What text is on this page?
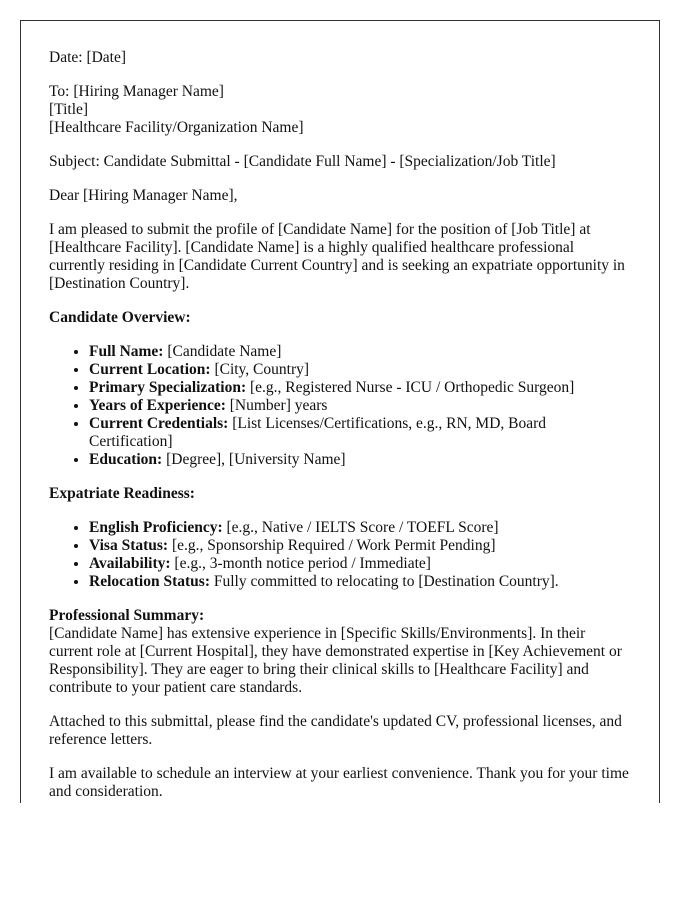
Date: [Date]

To: [Hiring Manager Name]

[Title]

[Healthcare Facility/Organization Name]

Subject: Candidate Submittal - [Candidate Full Name] - [Specialization/Job Title]

Dear [Hiring Manager Name],

I am pleased to submit the profile of [Candidate Name] for the position of [Job Title] at [Healthcare Facility]. [Candidate Name] is a highly qualified healthcare professional currently residing in [Candidate Current Country] and is seeking an expatriate opportunity in [Destination Country].

Candidate Overview:

• Full Name: [Candidate Name]
• Current Location: [City, Country]
• Primary Specialization: [e.g., Registered Nurse - ICU / Orthopedic Surgeon]
• Years of Experience: [Number] years
• Current Credentials: [List Licenses/Certifications, e.g., RN, MD, Board Certification]
• Education: [Degree], [University Name]

Expatriate Readiness:

• English Proficiency: [e.g., Native / IELTS Score / TOEFL Score]
• Visa Status: [e.g., Sponsorship Required / Work Permit Pending]
• Availability: [e.g., 3-month notice period / Immediate]
• Relocation Status: Fully committed to relocating to [Destination Country].

Professional Summary:

[Candidate Name] has extensive experience in [Specific Skills/Environments]. In their current role at [Current Hospital], they have demonstrated expertise in [Key Achievement or Responsibility]. They are eager to bring their clinical skills to [Healthcare Facility] and contribute to your patient care standards.

Attached to this submittal, please find the candidate's updated CV, professional licenses, and reference letters.

I am available to schedule an interview at your earliest convenience. Thank you for your time and consideration.
